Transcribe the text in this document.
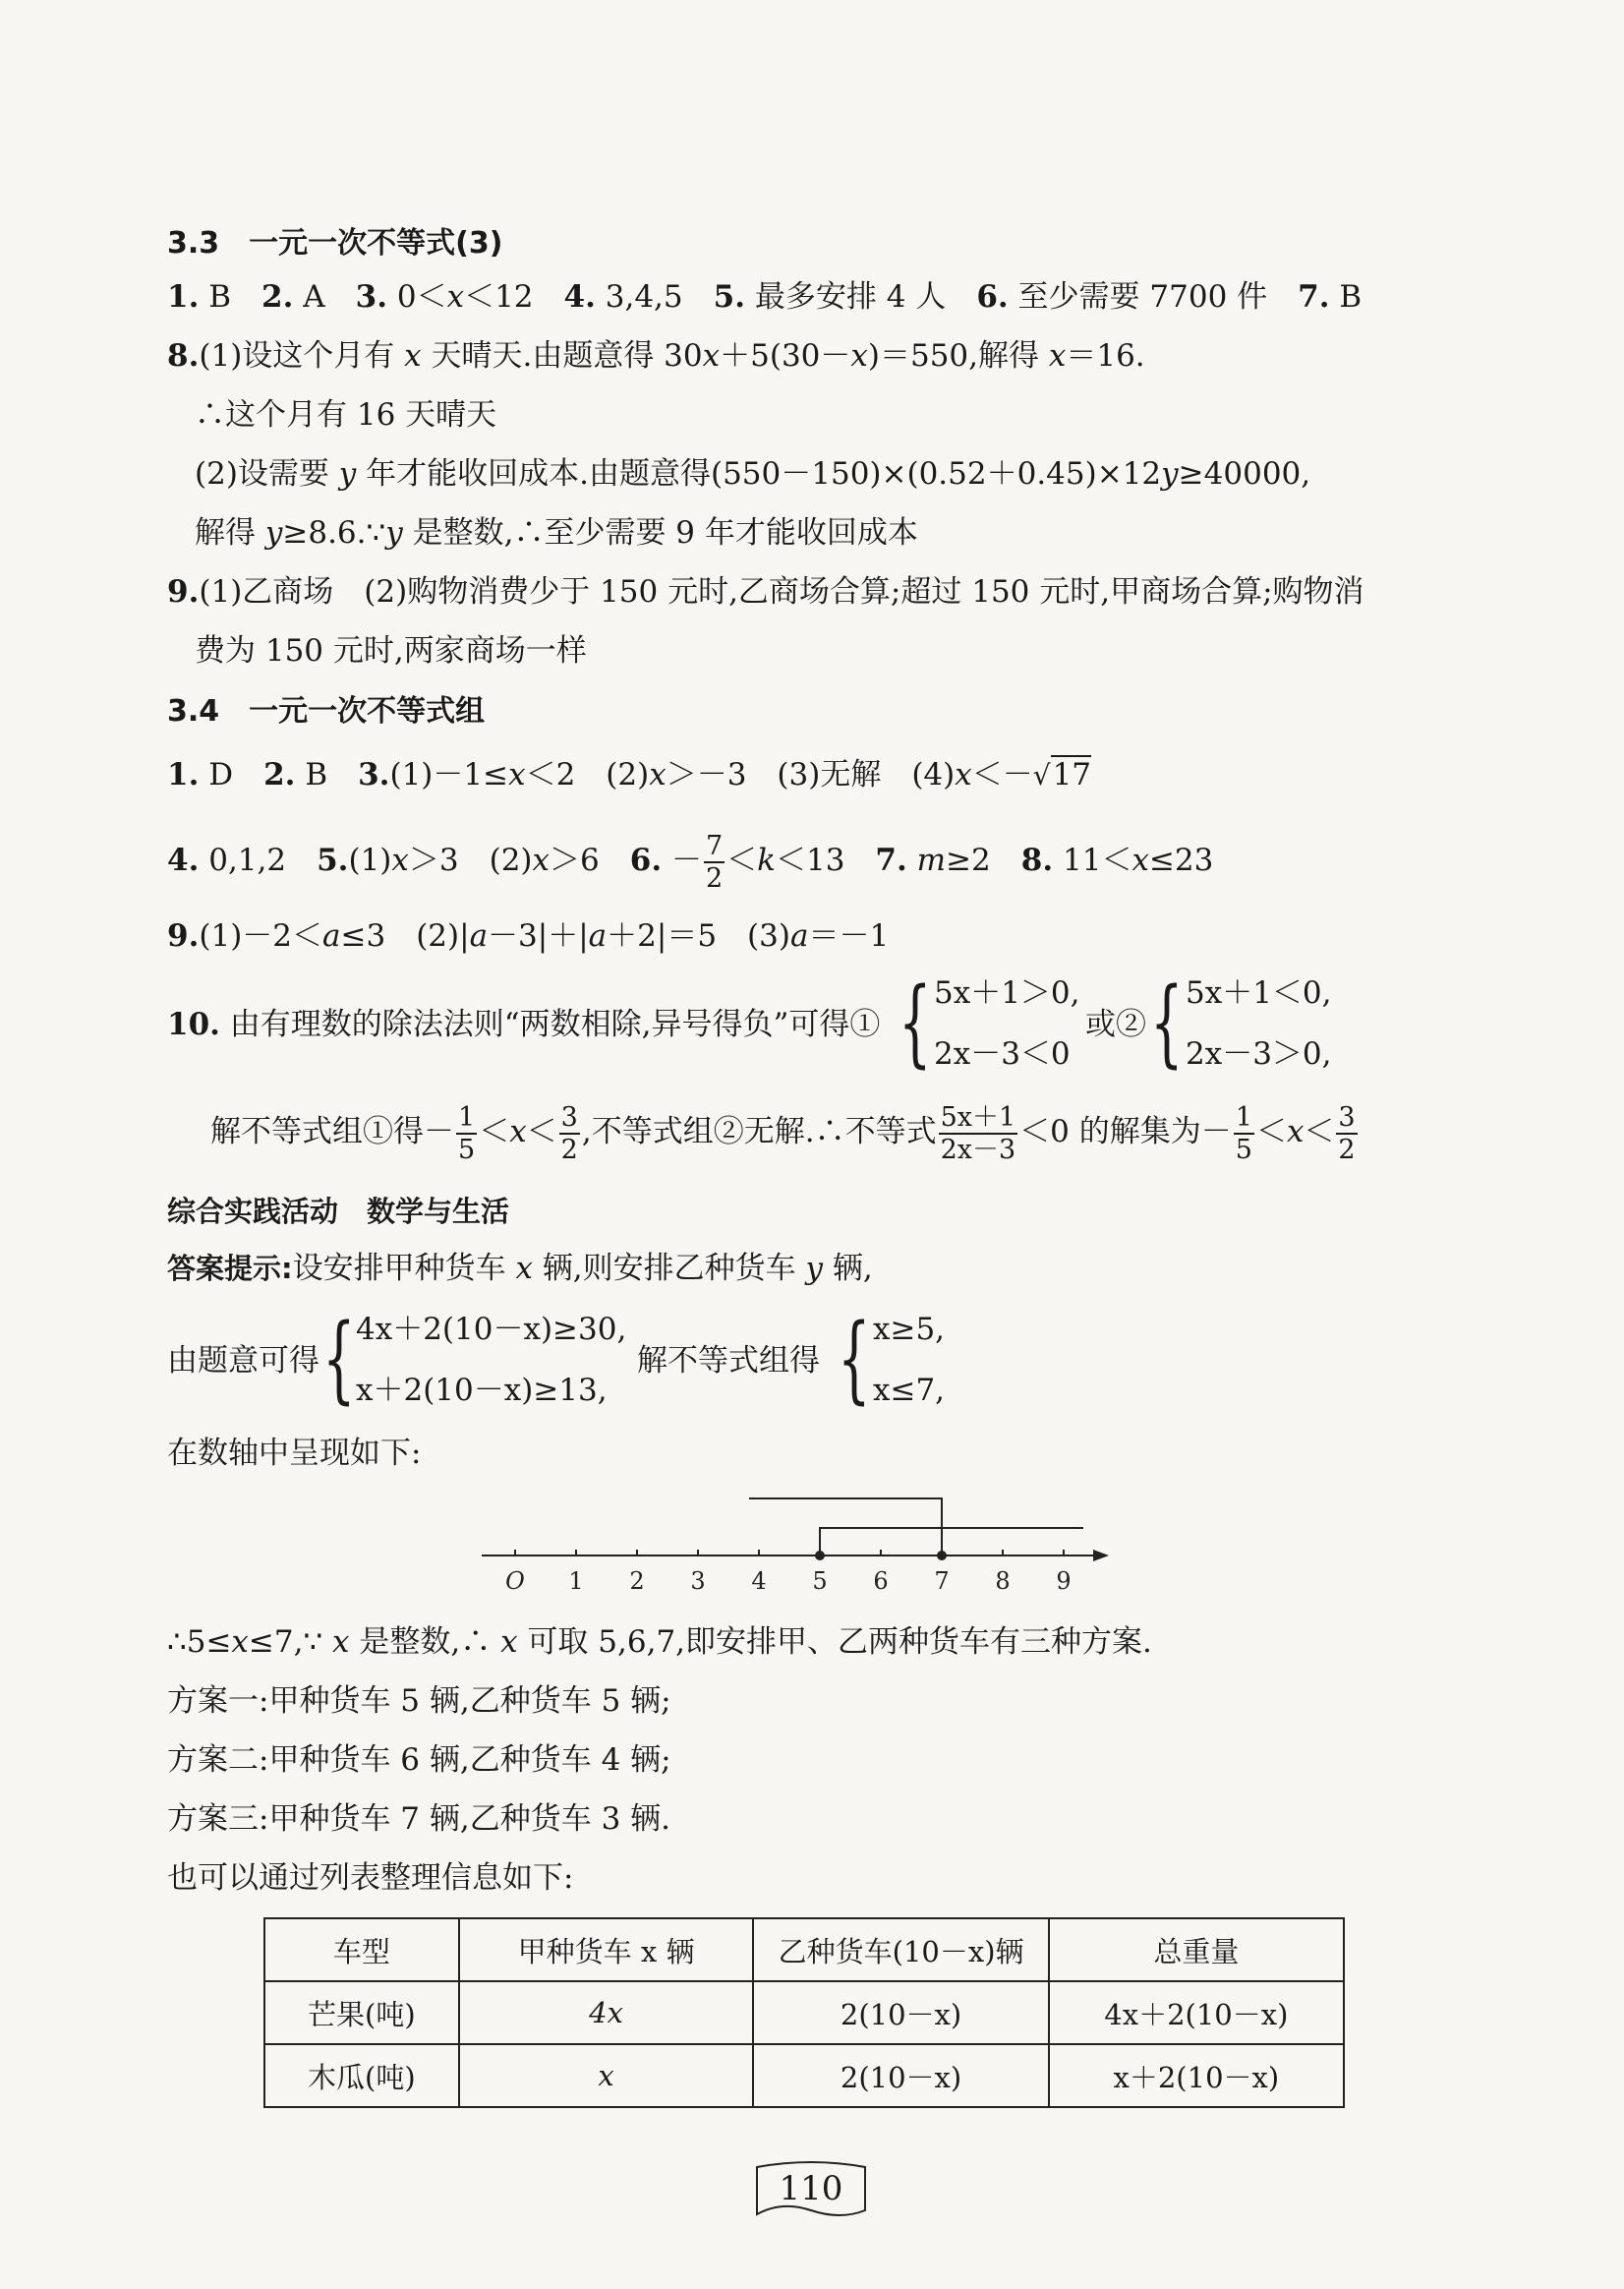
3.3　一元一次不等式(3)
1. B　2. A　3. 0＜x＜12　4. 3,4,5　5. 最多安排 4 人　6. 至少需要 7700 件　7. B
8.(1)设这个月有 x 天晴天.由题意得 30x＋5(30－x)＝550,解得 x＝16.
∴这个月有 16 天晴天
(2)设需要 y 年才能收回成本.由题意得(550－150)×(0.52＋0.45)×12y≥40000,
解得 y≥8.6.∵y 是整数,∴至少需要 9 年才能收回成本
9.(1)乙商场　(2)购物消费少于 150 元时,乙商场合算;超过 150 元时,甲商场合算;购物消
费为 150 元时,两家商场一样
3.4　一元一次不等式组
1. D　2. B　3.(1)－1≤x＜2　(2)x＞－3　(3)无解　(4)x＜－√17
4. 0,1,2　5.(1)x＞3　(2)x＞6　6. － $\frac{7}{2} <k<13$　7. m≥2　8. 11＜x≤23
9.(1)－2＜a≤3　(2)|a－3|＋|a＋2|＝5　(3)a＝－1
10. 由有理数的除法法则“两数相除,异号得负”可得① { 5x＋1＞0,
2x－3＜0
或② { 5x＋1＜0,
2x－3＞0,
解不等式组①得－ $\frac{1}{5} <x< \frac{3}{2}$ ,不等式组②无解.∴不等式 $\frac{5x+1}{2x-3} <0$ 的解集为－ $\frac{1}{5} <x< \frac{3}{2}$
综合实践活动　数学与生活
答案提示:设安排甲种货车 x 辆,则安排乙种货车 y 辆,
由题意可得 { 4x＋2(10－x)≥30,
x＋2(10－x)≥13,
解不等式组得 { x≥5,
x≤7,
在数轴中呈现如下:
O 1 2 3 4 5 6 7 8 9
∴5≤x≤7,∵ x 是整数,∴ x 可取 5,6,7,即安排甲、乙两种货车有三种方案.
方案一:甲种货车 5 辆,乙种货车 5 辆;
方案二:甲种货车 6 辆,乙种货车 4 辆;
方案三:甲种货车 7 辆,乙种货车 3 辆.
也可以通过列表整理信息如下:
车型	甲种货车 x 辆	乙种货车(10－x)辆	总重量
芒果(吨)	4x	2(10－x)	4x＋2(10－x)
木瓜(吨)	x	2(10－x)	x＋2(10－x)
110
